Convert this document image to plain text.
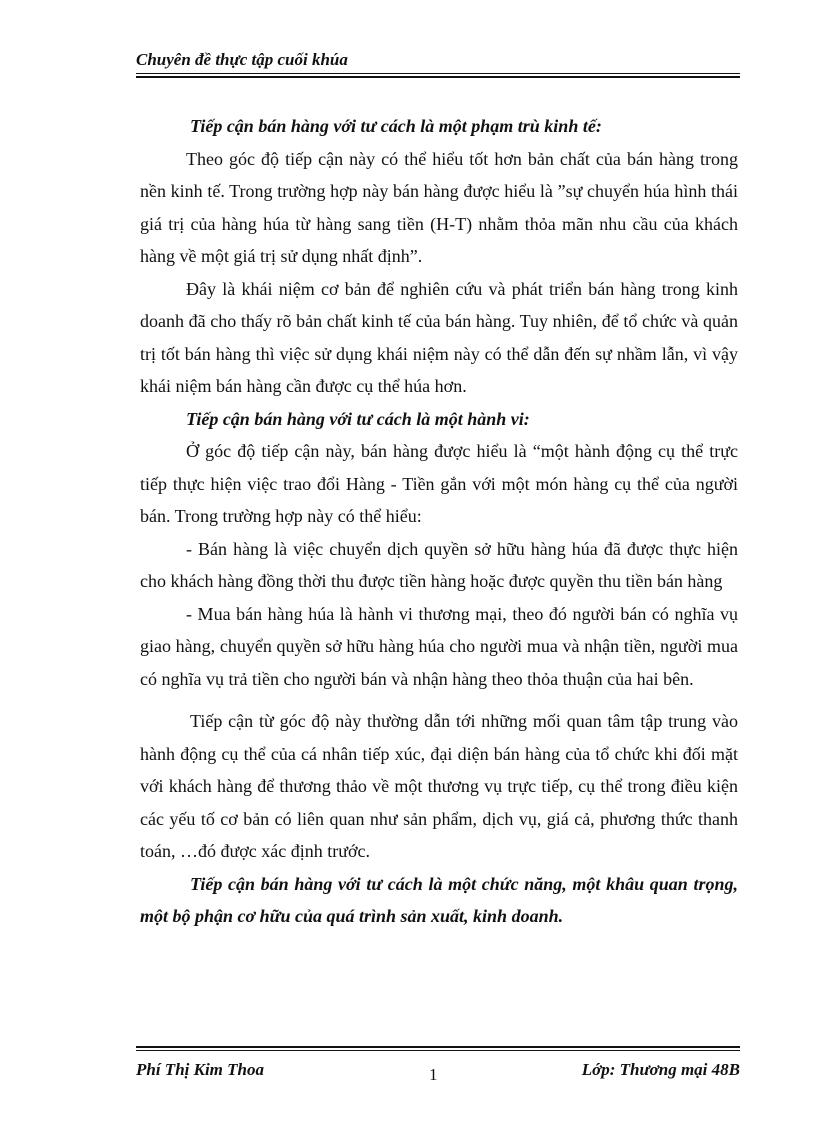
Chuyên đề thực tập cuối khúa

Tiếp cận bán hàng với tư cách là một phạm trù kinh tế:

Theo góc độ tiếp cận này có thể hiểu tốt hơn bản chất của bán hàng trong nền kinh tế. Trong trường hợp này bán hàng được hiểu là ”sự chuyển húa hình thái giá trị của hàng húa từ hàng sang tiền (H-T) nhằm thỏa mãn nhu cầu của khách hàng về một giá trị sử dụng nhất định”.

Đây là khái niệm cơ bản để nghiên cứu và phát triển bán hàng trong kinh doanh đã cho thấy rõ bản chất kinh tế của bán hàng. Tuy nhiên, để tổ chức và quản trị tốt bán hàng thì việc sử dụng khái niệm này có thể dẫn đến sự nhầm lẫn, vì vậy khái niệm bán hàng cần được cụ thể húa hơn.

Tiếp cận bán hàng với tư cách là một hành vi:

Ở góc độ tiếp cận này, bán hàng được hiểu là “một hành động cụ thể trực tiếp thực hiện việc trao đổi Hàng - Tiền gắn với một món hàng cụ thể của người bán. Trong trường hợp này có thể hiểu:

- Bán hàng là việc chuyển dịch quyền sở hữu hàng húa đã được thực hiện cho khách hàng đồng thời thu được tiền hàng hoặc được quyền thu tiền bán hàng

- Mua bán hàng húa là hành vi thương mại, theo đó người bán có nghĩa vụ giao hàng, chuyển quyền sở hữu hàng húa cho người mua và nhận tiền, người mua có nghĩa vụ trả tiền cho người bán và nhận hàng theo thỏa thuận của hai bên.

Tiếp cận từ góc độ này thường dẫn tới những mối quan tâm tập trung vào hành động cụ thể của cá nhân tiếp xúc, đại diện bán hàng của tổ chức khi đối mặt với khách hàng để thương thảo về một thương vụ trực tiếp, cụ thể trong điều kiện các yếu tố cơ bản có liên quan như sản phẩm, dịch vụ, giá cả, phương thức thanh toán, …đó được xác định trước.

Tiếp cận bán hàng với tư cách là một chức năng, một khâu quan trọng, một bộ phận cơ hữu của quá trình sản xuất, kinh doanh.

Phí Thị Kim Thoa	1	Lớp: Thương mại 48B
